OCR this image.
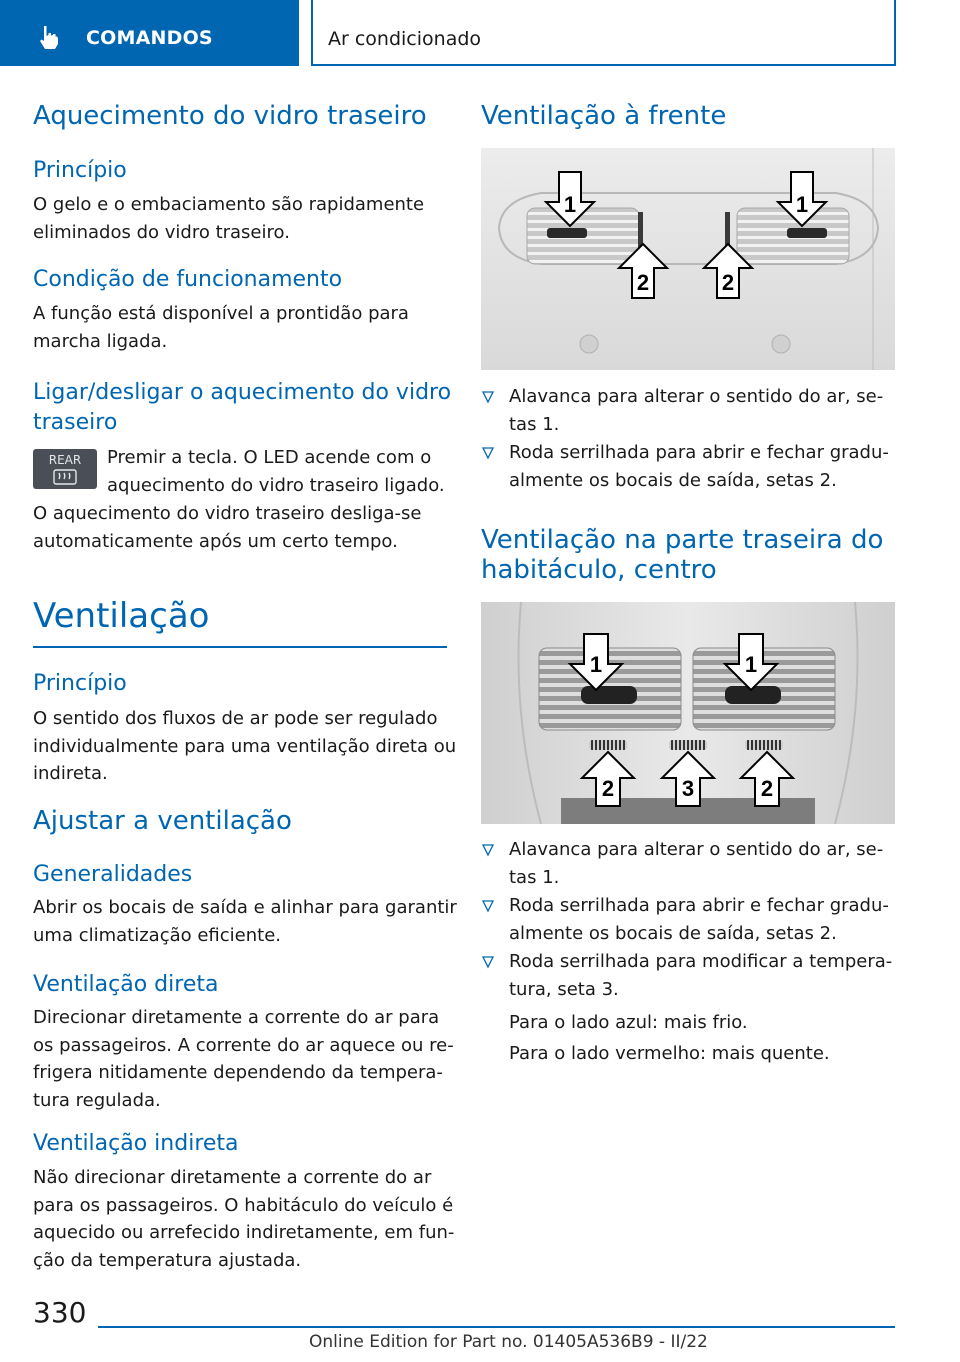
COMANDOS	Ar condicionado
Aquecimento do vidro traseiro
Princípio
O gelo e o embaciamento são rapidamente
eliminados do vidro traseiro.
Condição de funcionamento
A função está disponível a prontidão para
marcha ligada.
Ligar/desligar o aquecimento do vidro
traseiro
REAR	Premir a tecla. O LED acende com o
aquecimento do vidro traseiro ligado.
O aquecimento do vidro traseiro desliga-se
automaticamente após um certo tempo.
Ventilação
Princípio
O sentido dos fluxos de ar pode ser regulado
individualmente para uma ventilação direta ou
indireta.
Ajustar a ventilação
Generalidades
Abrir os bocais de saída e alinhar para garantir
uma climatização eficiente.
Ventilação direta
Direcionar diretamente a corrente do ar para
os passageiros. A corrente do ar aquece ou re‐
frigera nitidamente dependendo da tempera‐
tura regulada.
Ventilação indireta
Não direcionar diretamente a corrente do ar
para os passageiros. O habitáculo do veículo é
aquecido ou arrefecido indiretamente, em fun‐
ção da temperatura ajustada.
Ventilação à frente
1	1
2	2
Alavanca para alterar o sentido do ar, se‐
tas 1.
Roda serrilhada para abrir e fechar gradu‐
almente os bocais de saída, setas 2.
Ventilação na parte traseira do
habitáculo, centro
1	1
2	3	2
Alavanca para alterar o sentido do ar, se‐
tas 1.
Roda serrilhada para abrir e fechar gradu‐
almente os bocais de saída, setas 2.
Roda serrilhada para modificar a tempera‐
tura, seta 3.
Para o lado azul: mais frio.
Para o lado vermelho: mais quente.
330
Online Edition for Part no. 01405A536B9 - II/22
